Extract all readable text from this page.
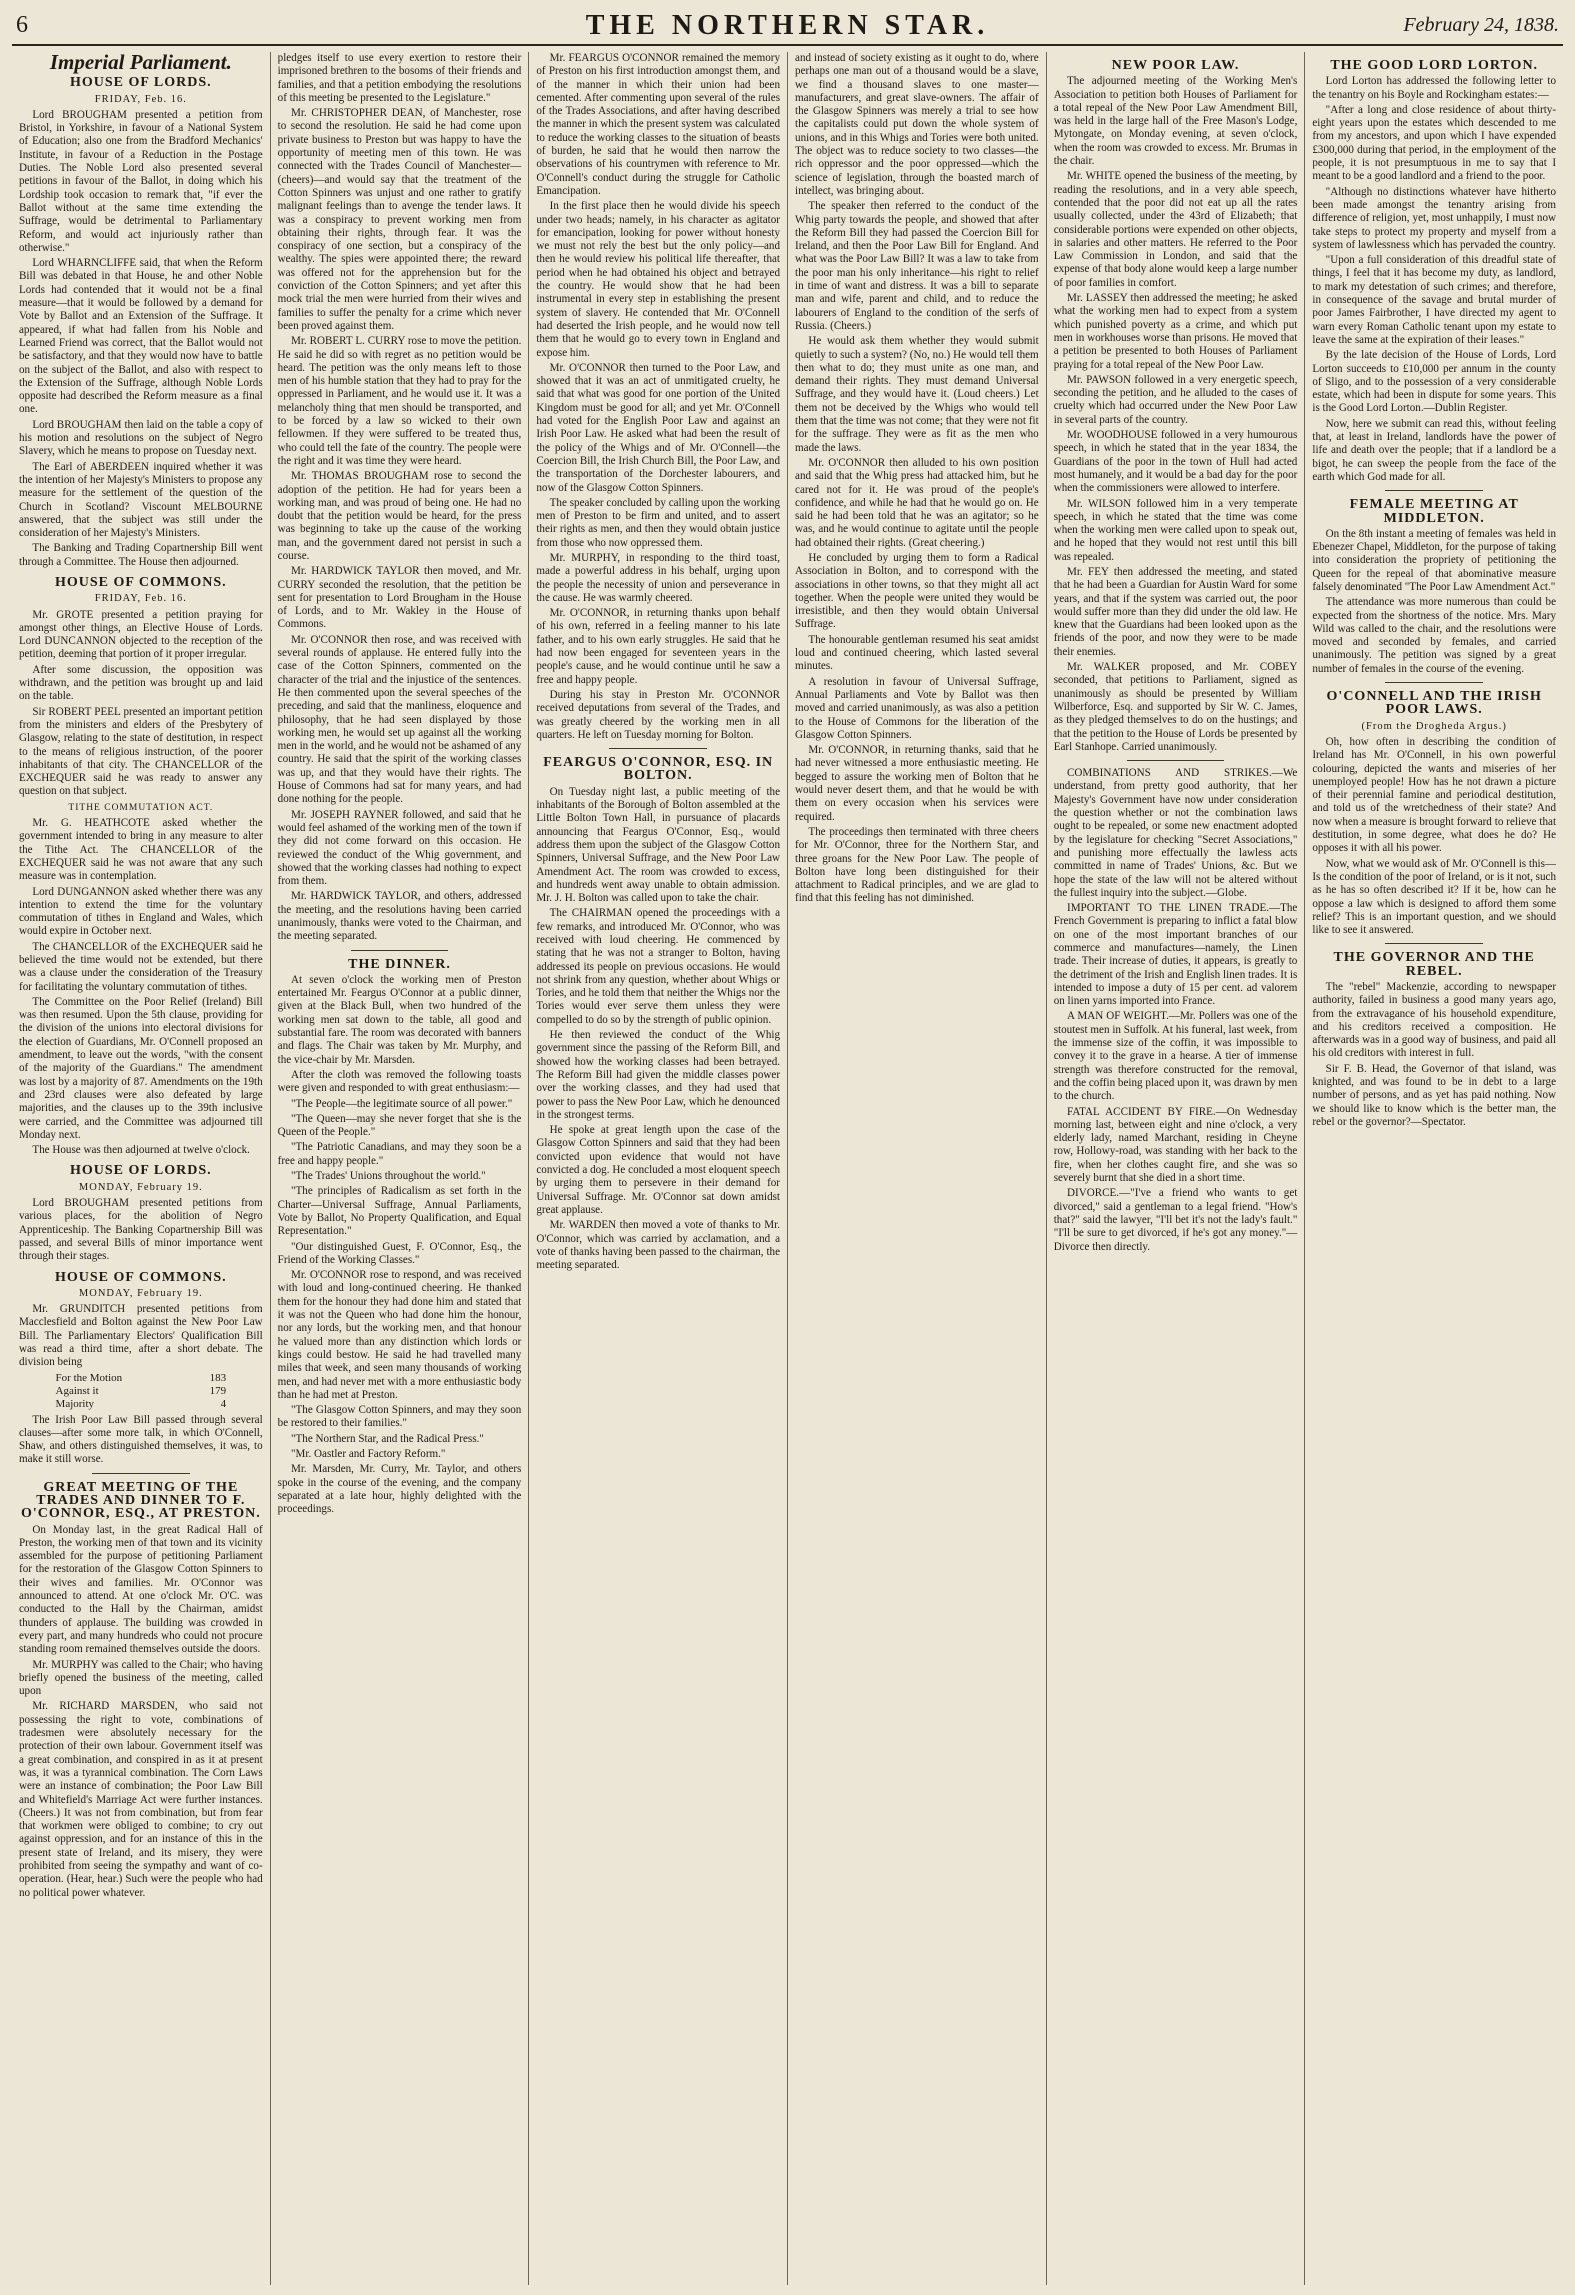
6	THE NORTHERN STAR.	February 24, 1838.
Imperial Parliament.
HOUSE OF LORDS.
FRIDAY, Feb. 16.

Lord BROUGHAM presented a petition from Bristol, in Yorkshire, in favour of a National System of Education; also one from the Bradford Mechanics' Institute, in favour of a Reduction in the Postage Duties. The Noble Lord also presented several petitions in favour of the Ballot, in doing which his Lordship took occasion to remark that, "if ever the Ballot without at the same time extending the Suffrage, would be detrimental to Parliamentary Reform, and would act injuriously rather than otherwise."

Lord WHARNCLIFFE said, that when the Reform Bill was debated in that House, he and other Noble Lords had contended that it would not be a final measure—that it would be followed by a demand for Vote by Ballot and an Extension of the Suffrage. It appeared, if what had fallen from his Noble and Learned Friend was correct, that the Ballot would not be satisfactory, and that they would now have to battle on the subject of the Ballot, and also with respect to the Extension of the Suffrage, although Noble Lords opposite had described the Reform measure as a final one.

Lord BROUGHAM then laid on the table a copy of his motion and resolutions on the subject of Negro Slavery, which he means to propose on Tuesday next.

The Earl of ABERDEEN inquired whether it was the intention of her Majesty's Ministers to propose any measure for the settlement of the question of the Church in Scotland? Viscount MELBOURNE answered, that the subject was still under the consideration of her Majesty's Ministers.

The Banking and Trading Copartnership Bill went through a Committee. The House then adjourned.

HOUSE OF COMMONS.
FRIDAY, Feb. 16.

Mr. GROTE presented a petition praying for amongst other things, an Elective House of Lords. Lord DUNCANNON objected to the reception of the petition, deeming that portion of it proper irregular.

After some discussion, the opposition was withdrawn, and the petition was brought up and laid on the table.

Sir ROBERT PEEL presented an important petition from the ministers and elders of the Presbytery of Glasgow, relating to the state of destitution, in respect to the means of religious instruction, of the poorer inhabitants of that city. The CHANCELLOR of the EXCHEQUER said he was ready to answer any question on that subject.

TITHE COMMUTATION ACT.

Mr. G. HEATHCOTE asked whether the government intended to bring in any measure to alter the Tithe Act. The CHANCELLOR of the EXCHEQUER said he was not aware that any such measure was in contemplation.

Lord DUNGANNON asked whether there was any intention to extend the time for the voluntary commutation of tithes in England and Wales, which would expire in October next.

The CHANCELLOR of the EXCHEQUER said he believed the time would not be extended, but there was a clause under the consideration of the Treasury for facilitating the voluntary commutation of tithes.

The Committee on the Poor Relief (Ireland) Bill was then resumed. Upon the 5th clause, providing for the division of the unions into electoral divisions for the election of Guardians, Mr. O'Connell proposed an amendment, to leave out the words, "with the consent of the majority of the Guardians." The amendment was lost by a majority of 87. Amendments on the 19th and 23rd clauses were also defeated by large majorities, and the clauses up to the 39th inclusive were carried, and the Committee was adjourned till Monday next.

The House was then adjourned at twelve o'clock.

HOUSE OF LORDS.
MONDAY, February 19.

Lord BROUGHAM presented petitions from various places, for the abolition of Negro Apprenticeship. The Banking Copartnership Bill was passed, and several Bills of minor importance went through their stages.

HOUSE OF COMMONS.
MONDAY, February 19.

Mr. GRUNDITCH presented petitions from Macclesfield and Bolton against the New Poor Law Bill. The Parliamentary Electors' Qualification Bill was read a third time, after a short debate. The division being

For the Motion	183
Against it	179
Majority	4

The Irish Poor Law Bill passed through several clauses—after some more talk, in which O'Connell, Shaw, and others distinguished themselves, it was, to make it still worse.

GREAT MEETING OF THE TRADES AND DINNER TO F. O'CONNOR, ESQ., AT PRESTON.

On Monday last, in the great Radical Hall of Preston, the working men of that town and its vicinity assembled for the purpose of petitioning Parliament for the restoration of the Glasgow Cotton Spinners to their wives and families. Mr. O'Connor was announced to attend. At one o'clock Mr. O'C. was conducted to the Hall by the Chairman, amidst thunders of applause. The building was crowded in every part, and many hundreds who could not procure standing room remained themselves outside the doors.

Mr. MURPHY was called to the Chair; who having briefly opened the business of the meeting, called upon

Mr. RICHARD MARSDEN, who said not possessing the right to vote, combinations of tradesmen were absolutely necessary for the protection of their own labour. Government itself was a great combination, and conspired in as it at present was, it was a tyrannical combination. The Corn Laws were an instance of combination; the Poor Law Bill and Whitefield's Marriage Act were further instances. (Cheers.) It was not from combination, but from fear that workmen were obliged to combine; to cry out against oppression, and for an instance of this in the present state of Ireland, and its misery, they were prohibited from seeing the sympathy and want of co-operation. (Hear, hear.) Such were the people who had no political power whatever.

pledges itself to use every exertion to restore their imprisoned brethren to the bosoms of their friends and families, and that a petition embodying the resolutions of this meeting be presented to the Legislature."

Mr. CHRISTOPHER DEAN, of Manchester, rose to second the resolution. He said he had come upon private business to Preston but was happy to have the opportunity of meeting men of this town. He was connected with the Trades Council of Manchester—(cheers)—and would say that the treatment of the Cotton Spinners was unjust and one rather to gratify malignant feelings than to avenge the tender laws. It was a conspiracy to prevent working men from obtaining their rights, through fear. It was the conspiracy of one section, but a conspiracy of the wealthy. The spies were appointed there; the reward was offered not for the apprehension but for the conviction of the Cotton Spinners; and yet after this mock trial the men were hurried from their wives and families to suffer the penalty for a crime which never been proved against them.

Mr. ROBERT L. CURRY rose to move the petition. He said he did so with regret as no petition would be heard. The petition was the only means left to those men of his humble station that they had to pray for the oppressed in Parliament, and he would use it. It was a melancholy thing that men should be transported, and to be forced by a law so wicked to their own fellowmen. If they were suffered to be treated thus, who could tell the fate of the country. The people were the right and it was time they were heard.

Mr. THOMAS BROUGHAM rose to second the adoption of the petition. He had for years been a working man, and was proud of being one. He had no doubt that the petition would be heard, for the press was beginning to take up the cause of the working man, and the government dared not persist in such a course.

Mr. HARDWICK TAYLOR then moved, and Mr. CURRY seconded the resolution, that the petition be sent for presentation to Lord Brougham in the House of Lords, and to Mr. Wakley in the House of Commons.

Mr. O'CONNOR then rose, and was received with several rounds of applause. He entered fully into the case of the Cotton Spinners, commented on the character of the trial and the injustice of the sentences. He then commented upon the several speeches of the preceding, and said that the manliness, eloquence and philosophy, that he had seen displayed by those working men, he would set up against all the working men in the world, and he would not be ashamed of any country. He said that the spirit of the working classes was up, and that they would have their rights. The House of Commons had sat for many years, and had done nothing for the people.

Mr. JOSEPH RAYNER followed, and said that he would feel ashamed of the working men of the town if they did not come forward on this occasion. He reviewed the conduct of the Whig government, and showed that the working classes had nothing to expect from them.

Mr. HARDWICK TAYLOR, and others, addressed the meeting, and the resolutions having been carried unanimously, thanks were voted to the Chairman, and the meeting separated.

THE DINNER.

At seven o'clock the working men of Preston entertained Mr. Feargus O'Connor at a public dinner, given at the Black Bull, when two hundred of the working men sat down to the table, all good and substantial fare. The room was decorated with banners and flags. The Chair was taken by Mr. Murphy, and the vice-chair by Mr. Marsden.

After the cloth was removed the following toasts were given and responded to with great enthusiasm:—

"The People—the legitimate source of all power."

"The Queen—may she never forget that she is the Queen of the People."

"The Patriotic Canadians, and may they soon be a free and happy people."

"The Trades' Unions throughout the world."

"The principles of Radicalism as set forth in the Charter—Universal Suffrage, Annual Parliaments, Vote by Ballot, No Property Qualification, and Equal Representation."

"Our distinguished Guest, F. O'Connor, Esq., the Friend of the Working Classes."

Mr. O'CONNOR rose to respond, and was received with loud and long-continued cheering. He thanked them for the honour they had done him and stated that it was not the Queen who had done him the honour, nor any lords, but the working men, and that honour he valued more than any distinction which lords or kings could bestow. He said he had travelled many miles that week, and seen many thousands of working men, and had never met with a more enthusiastic body than he had met at Preston.

"The Glasgow Cotton Spinners, and may they soon be restored to their families."

"The Northern Star, and the Radical Press."

"Mr. Oastler and Factory Reform."

Mr. Marsden, Mr. Curry, Mr. Taylor, and others spoke in the course of the evening, and the company separated at a late hour, highly delighted with the proceedings.

Mr. FEARGUS O'CONNOR remained the memory of Preston on his first introduction amongst them, and of the manner in which their union had been cemented. After commenting upon several of the rules of the Trades Associations, and after having described the manner in which the present system was calculated to reduce the working classes to the situation of beasts of burden, he said that he would then narrow the observations of his countrymen with reference to Mr. O'Connell's conduct during the struggle for Catholic Emancipation.

In the first place then he would divide his speech under two heads; namely, in his character as agitator for emancipation, looking for power without honesty we must not rely the best but the only policy—and then he would review his political life thereafter, that period when he had obtained his object and betrayed the country. He would show that he had been instrumental in every step in establishing the present system of slavery. He contended that Mr. O'Connell had deserted the Irish people, and he would now tell them that he would go to every town in England and expose him.

Mr. O'CONNOR then turned to the Poor Law, and showed that it was an act of unmitigated cruelty, he said that what was good for one portion of the United Kingdom must be good for all; and yet Mr. O'Connell had voted for the English Poor Law and against an Irish Poor Law. He asked what had been the result of the policy of the Whigs and of Mr. O'Connell—the Coercion Bill, the Irish Church Bill, the Poor Law, and the transportation of the Dorchester labourers, and now of the Glasgow Cotton Spinners.

The speaker concluded by calling upon the working men of Preston to be firm and united, and to assert their rights as men, and then they would obtain justice from those who now oppressed them.

Mr. MURPHY, in responding to the third toast, made a powerful address in his behalf, urging upon the people the necessity of union and perseverance in the cause. He was warmly cheered.

Mr. O'CONNOR, in returning thanks upon behalf of his own, referred in a feeling manner to his late father, and to his own early struggles. He said that he had now been engaged for seventeen years in the people's cause, and he would continue until he saw a free and happy people.

During his stay in Preston Mr. O'CONNOR received deputations from several of the Trades, and was greatly cheered by the working men in all quarters. He left on Tuesday morning for Bolton.

FEARGUS O'CONNOR, ESQ. IN BOLTON.

On Tuesday night last, a public meeting of the inhabitants of the Borough of Bolton assembled at the Little Bolton Town Hall, in pursuance of placards announcing that Feargus O'Connor, Esq., would address them upon the subject of the Glasgow Cotton Spinners, Universal Suffrage, and the New Poor Law Amendment Act. The room was crowded to excess, and hundreds went away unable to obtain admission. Mr. J. H. Bolton was called upon to take the chair.

The CHAIRMAN opened the proceedings with a few remarks, and introduced Mr. O'Connor, who was received with loud cheering. He commenced by stating that he was not a stranger to Bolton, having addressed its people on previous occasions. He would not shrink from any question, whether about Whigs or Tories, and he told them that neither the Whigs nor the Tories would ever serve them unless they were compelled to do so by the strength of public opinion.

He then reviewed the conduct of the Whig government since the passing of the Reform Bill, and showed how the working classes had been betrayed. The Reform Bill had given the middle classes power over the working classes, and they had used that power to pass the New Poor Law, which he denounced in the strongest terms.

He spoke at great length upon the case of the Glasgow Cotton Spinners and said that they had been convicted upon evidence that would not have convicted a dog. He concluded a most eloquent speech by urging them to persevere in their demand for Universal Suffrage. Mr. O'Connor sat down amidst great applause.

Mr. WARDEN then moved a vote of thanks to Mr. O'Connor, which was carried by acclamation, and a vote of thanks having been passed to the chairman, the meeting separated.

and instead of society existing as it ought to do, where perhaps one man out of a thousand would be a slave, we find a thousand slaves to one master—manufacturers, and great slave-owners. The affair of the Glasgow Spinners was merely a trial to see how the capitalists could put down the whole system of unions, and in this Whigs and Tories were both united. The object was to reduce society to two classes—the rich oppressor and the poor oppressed—which the science of legislation, through the boasted march of intellect, was bringing about.

The speaker then referred to the conduct of the Whig party towards the people, and showed that after the Reform Bill they had passed the Coercion Bill for Ireland, and then the Poor Law Bill for England. And what was the Poor Law Bill? It was a law to take from the poor man his only inheritance—his right to relief in time of want and distress. It was a bill to separate man and wife, parent and child, and to reduce the labourers of England to the condition of the serfs of Russia. (Cheers.)

He would ask them whether they would submit quietly to such a system? (No, no.) He would tell them then what to do; they must unite as one man, and demand their rights. They must demand Universal Suffrage, and they would have it. (Loud cheers.) Let them not be deceived by the Whigs who would tell them that the time was not come; that they were not fit for the suffrage. They were as fit as the men who made the laws.

Mr. O'CONNOR then alluded to his own position and said that the Whig press had attacked him, but he cared not for it. He was proud of the people's confidence, and while he had that he would go on. He said he had been told that he was an agitator; so he was, and he would continue to agitate until the people had obtained their rights. (Great cheering.)

He concluded by urging them to form a Radical Association in Bolton, and to correspond with the associations in other towns, so that they might all act together. When the people were united they would be irresistible, and then they would obtain Universal Suffrage.

The honourable gentleman resumed his seat amidst loud and continued cheering, which lasted several minutes.

A resolution in favour of Universal Suffrage, Annual Parliaments and Vote by Ballot was then moved and carried unanimously, as was also a petition to the House of Commons for the liberation of the Glasgow Cotton Spinners.

Mr. O'CONNOR, in returning thanks, said that he had never witnessed a more enthusiastic meeting. He begged to assure the working men of Bolton that he would never desert them, and that he would be with them on every occasion when his services were required.

The proceedings then terminated with three cheers for Mr. O'Connor, three for the Northern Star, and three groans for the New Poor Law. The people of Bolton have long been distinguished for their attachment to Radical principles, and we are glad to find that this feeling has not diminished.

NEW POOR LAW.

The adjourned meeting of the Working Men's Association to petition both Houses of Parliament for a total repeal of the New Poor Law Amendment Bill, was held in the large hall of the Free Mason's Lodge, Mytongate, on Monday evening, at seven o'clock, when the room was crowded to excess. Mr. Brumas in the chair.

Mr. WHITE opened the business of the meeting, by reading the resolutions, and in a very able speech, contended that the poor did not eat up all the rates usually collected, under the 43rd of Elizabeth; that considerable portions were expended on other objects, in salaries and other matters. He referred to the Poor Law Commission in London, and said that the expense of that body alone would keep a large number of poor families in comfort.

Mr. LASSEY then addressed the meeting; he asked what the working men had to expect from a system which punished poverty as a crime, and which put men in workhouses worse than prisons. He moved that a petition be presented to both Houses of Parliament praying for a total repeal of the New Poor Law.

Mr. PAWSON followed in a very energetic speech, seconding the petition, and he alluded to the cases of cruelty which had occurred under the New Poor Law in several parts of the country.

Mr. WOODHOUSE followed in a very humourous speech, in which he stated that in the year 1834, the Guardians of the poor in the town of Hull had acted most humanely, and it would be a bad day for the poor when the commissioners were allowed to interfere.

Mr. WILSON followed him in a very temperate speech, in which he stated that the time was come when the working men were called upon to speak out, and he hoped that they would not rest until this bill was repealed.

Mr. FEY then addressed the meeting, and stated that he had been a Guardian for Austin Ward for some years, and that if the system was carried out, the poor would suffer more than they did under the old law. He knew that the Guardians had been looked upon as the friends of the poor, and now they were to be made their enemies.

Mr. WALKER proposed, and Mr. COBEY seconded, that petitions to Parliament, signed as unanimously as should be presented by William Wilberforce, Esq. and supported by Sir W. C. James, as they pledged themselves to do on the hustings; and that the petition to the House of Lords be presented by Earl Stanhope. Carried unanimously.

COMBINATIONS AND STRIKES.—We understand, from pretty good authority, that her Majesty's Government have now under consideration the question whether or not the combination laws ought to be repealed, or some new enactment adopted by the legislature for checking "Secret Associations," and punishing more effectually the lawless acts committed in name of Trades' Unions, &c. But we hope the state of the law will not be altered without the fullest inquiry into the subject.—Globe.

IMPORTANT TO THE LINEN TRADE.—The French Government is preparing to inflict a fatal blow on one of the most important branches of our commerce and manufactures—namely, the Linen trade. Their increase of duties, it appears, is greatly to the detriment of the Irish and English linen trades. It is intended to impose a duty of 15 per cent. ad valorem on linen yarns imported into France.

A MAN OF WEIGHT.—Mr. Pollers was one of the stoutest men in Suffolk. At his funeral, last week, from the immense size of the coffin, it was impossible to convey it to the grave in a hearse. A tier of immense strength was therefore constructed for the removal, and the coffin being placed upon it, was drawn by men to the church.

FATAL ACCIDENT BY FIRE.—On Wednesday morning last, between eight and nine o'clock, a very elderly lady, named Marchant, residing in Cheyne row, Hollowy-road, was standing with her back to the fire, when her clothes caught fire, and she was so severely burnt that she died in a short time.

DIVORCE.—"I've a friend who wants to get divorced," said a gentleman to a legal friend. "How's that?" said the lawyer, "I'll bet it's not the lady's fault." "I'll be sure to get divorced, if he's got any money."—Divorce then directly.

THE GOOD LORD LORTON.

Lord Lorton has addressed the following letter to the tenantry on his Boyle and Rockingham estates:—

"After a long and close residence of about thirty-eight years upon the estates which descended to me from my ancestors, and upon which I have expended £300,000 during that period, in the employment of the people, it is not presumptuous in me to say that I meant to be a good landlord and a friend to the poor.

"Although no distinctions whatever have hitherto been made amongst the tenantry arising from difference of religion, yet, most unhappily, I must now take steps to protect my property and myself from a system of lawlessness which has pervaded the country.

"Upon a full consideration of this dreadful state of things, I feel that it has become my duty, as landlord, to mark my detestation of such crimes; and therefore, in consequence of the savage and brutal murder of poor James Fairbrother, I have directed my agent to warn every Roman Catholic tenant upon my estate to leave the same at the expiration of their leases."

By the late decision of the House of Lords, Lord Lorton succeeds to £10,000 per annum in the county of Sligo, and to the possession of a very considerable estate, which had been in dispute for some years. This is the Good Lord Lorton.—Dublin Register.

Now, here we submit can read this, without feeling that, at least in Ireland, landlords have the power of life and death over the people; that if a landlord be a bigot, he can sweep the people from the face of the earth which God made for all.

FEMALE MEETING AT MIDDLETON.

On the 8th instant a meeting of females was held in Ebenezer Chapel, Middleton, for the purpose of taking into consideration the propriety of petitioning the Queen for the repeal of that abominative measure falsely denominated "The Poor Law Amendment Act."

The attendance was more numerous than could be expected from the shortness of the notice. Mrs. Mary Wild was called to the chair, and the resolutions were moved and seconded by females, and carried unanimously. The petition was signed by a great number of females in the course of the evening.

O'CONNELL AND THE IRISH POOR LAWS.
(From the Drogheda Argus.)

Oh, how often in describing the condition of Ireland has Mr. O'Connell, in his own powerful colouring, depicted the wants and miseries of her unemployed people! How has he not drawn a picture of their perennial famine and periodical destitution, and told us of the wretchedness of their state? And now when a measure is brought forward to relieve that destitution, in some degree, what does he do? He opposes it with all his power.

Now, what we would ask of Mr. O'Connell is this—Is the condition of the poor of Ireland, or is it not, such as he has so often described it? If it be, how can he oppose a law which is designed to afford them some relief? This is an important question, and we should like to see it answered.

THE GOVERNOR AND THE REBEL.

The "rebel" Mackenzie, according to newspaper authority, failed in business a good many years ago, from the extravagance of his household expenditure, and his creditors received a composition. He afterwards was in a good way of business, and paid all his old creditors with interest in full.

Sir F. B. Head, the Governor of that island, was knighted, and was found to be in debt to a large number of persons, and as yet has paid nothing. Now we should like to know which is the better man, the rebel or the governor?—Spectator.
